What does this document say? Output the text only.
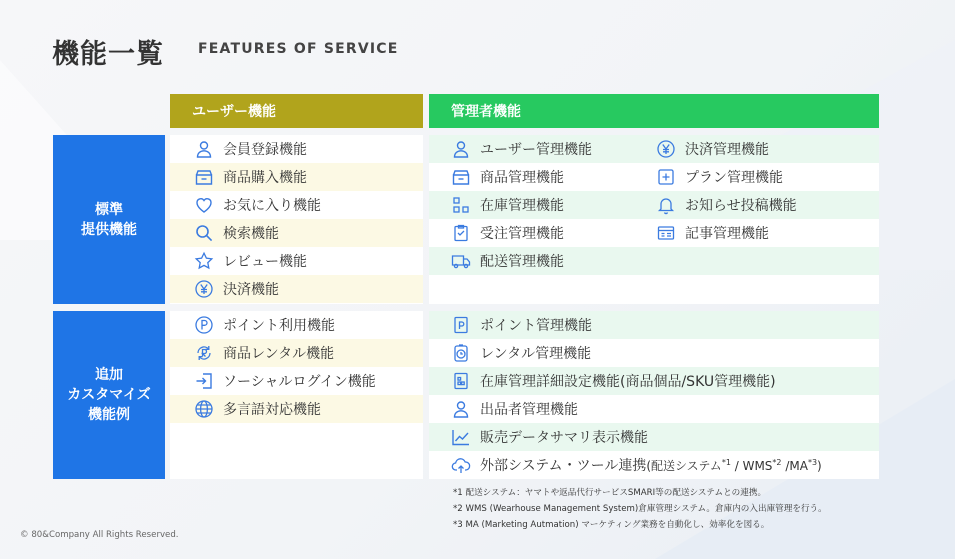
機能一覧 FEATURES OF SERVICE
ユーザー機能	管理者機能
標準
提供機能
追加
カスタマイズ
機能例
会員登録機能
商品購入機能
お気に入り機能
検索機能
レビュー機能
決済機能
ポイント利用機能
商品レンタル機能
ソーシャルログイン機能
多言語対応機能
ユーザー管理機能
商品管理機能
在庫管理機能
受注管理機能
配送管理機能
決済管理機能
プラン管理機能
お知らせ投稿機能
記事管理機能
ポイント管理機能
レンタル管理機能
在庫管理詳細設定機能(商品個品/SKU管理機能)
出品者管理機能
販売データサマリ表示機能
外部システム・ツール連携 (配送システム$^{*1}$ / WMS$^{*2}$ /MA$^{*3}$)
*1 配送システム：ヤマトや返品代行サービスSMARI等の配送システムとの連携。
*2 WMS (Wearhouse Management System)倉庫管理システム。倉庫内の入出庫管理を行う。
*3 MA (Marketing Autmation) マーケティング業務を自動化し、効率化を図る。
© 80&Company All Rights Reserved.
